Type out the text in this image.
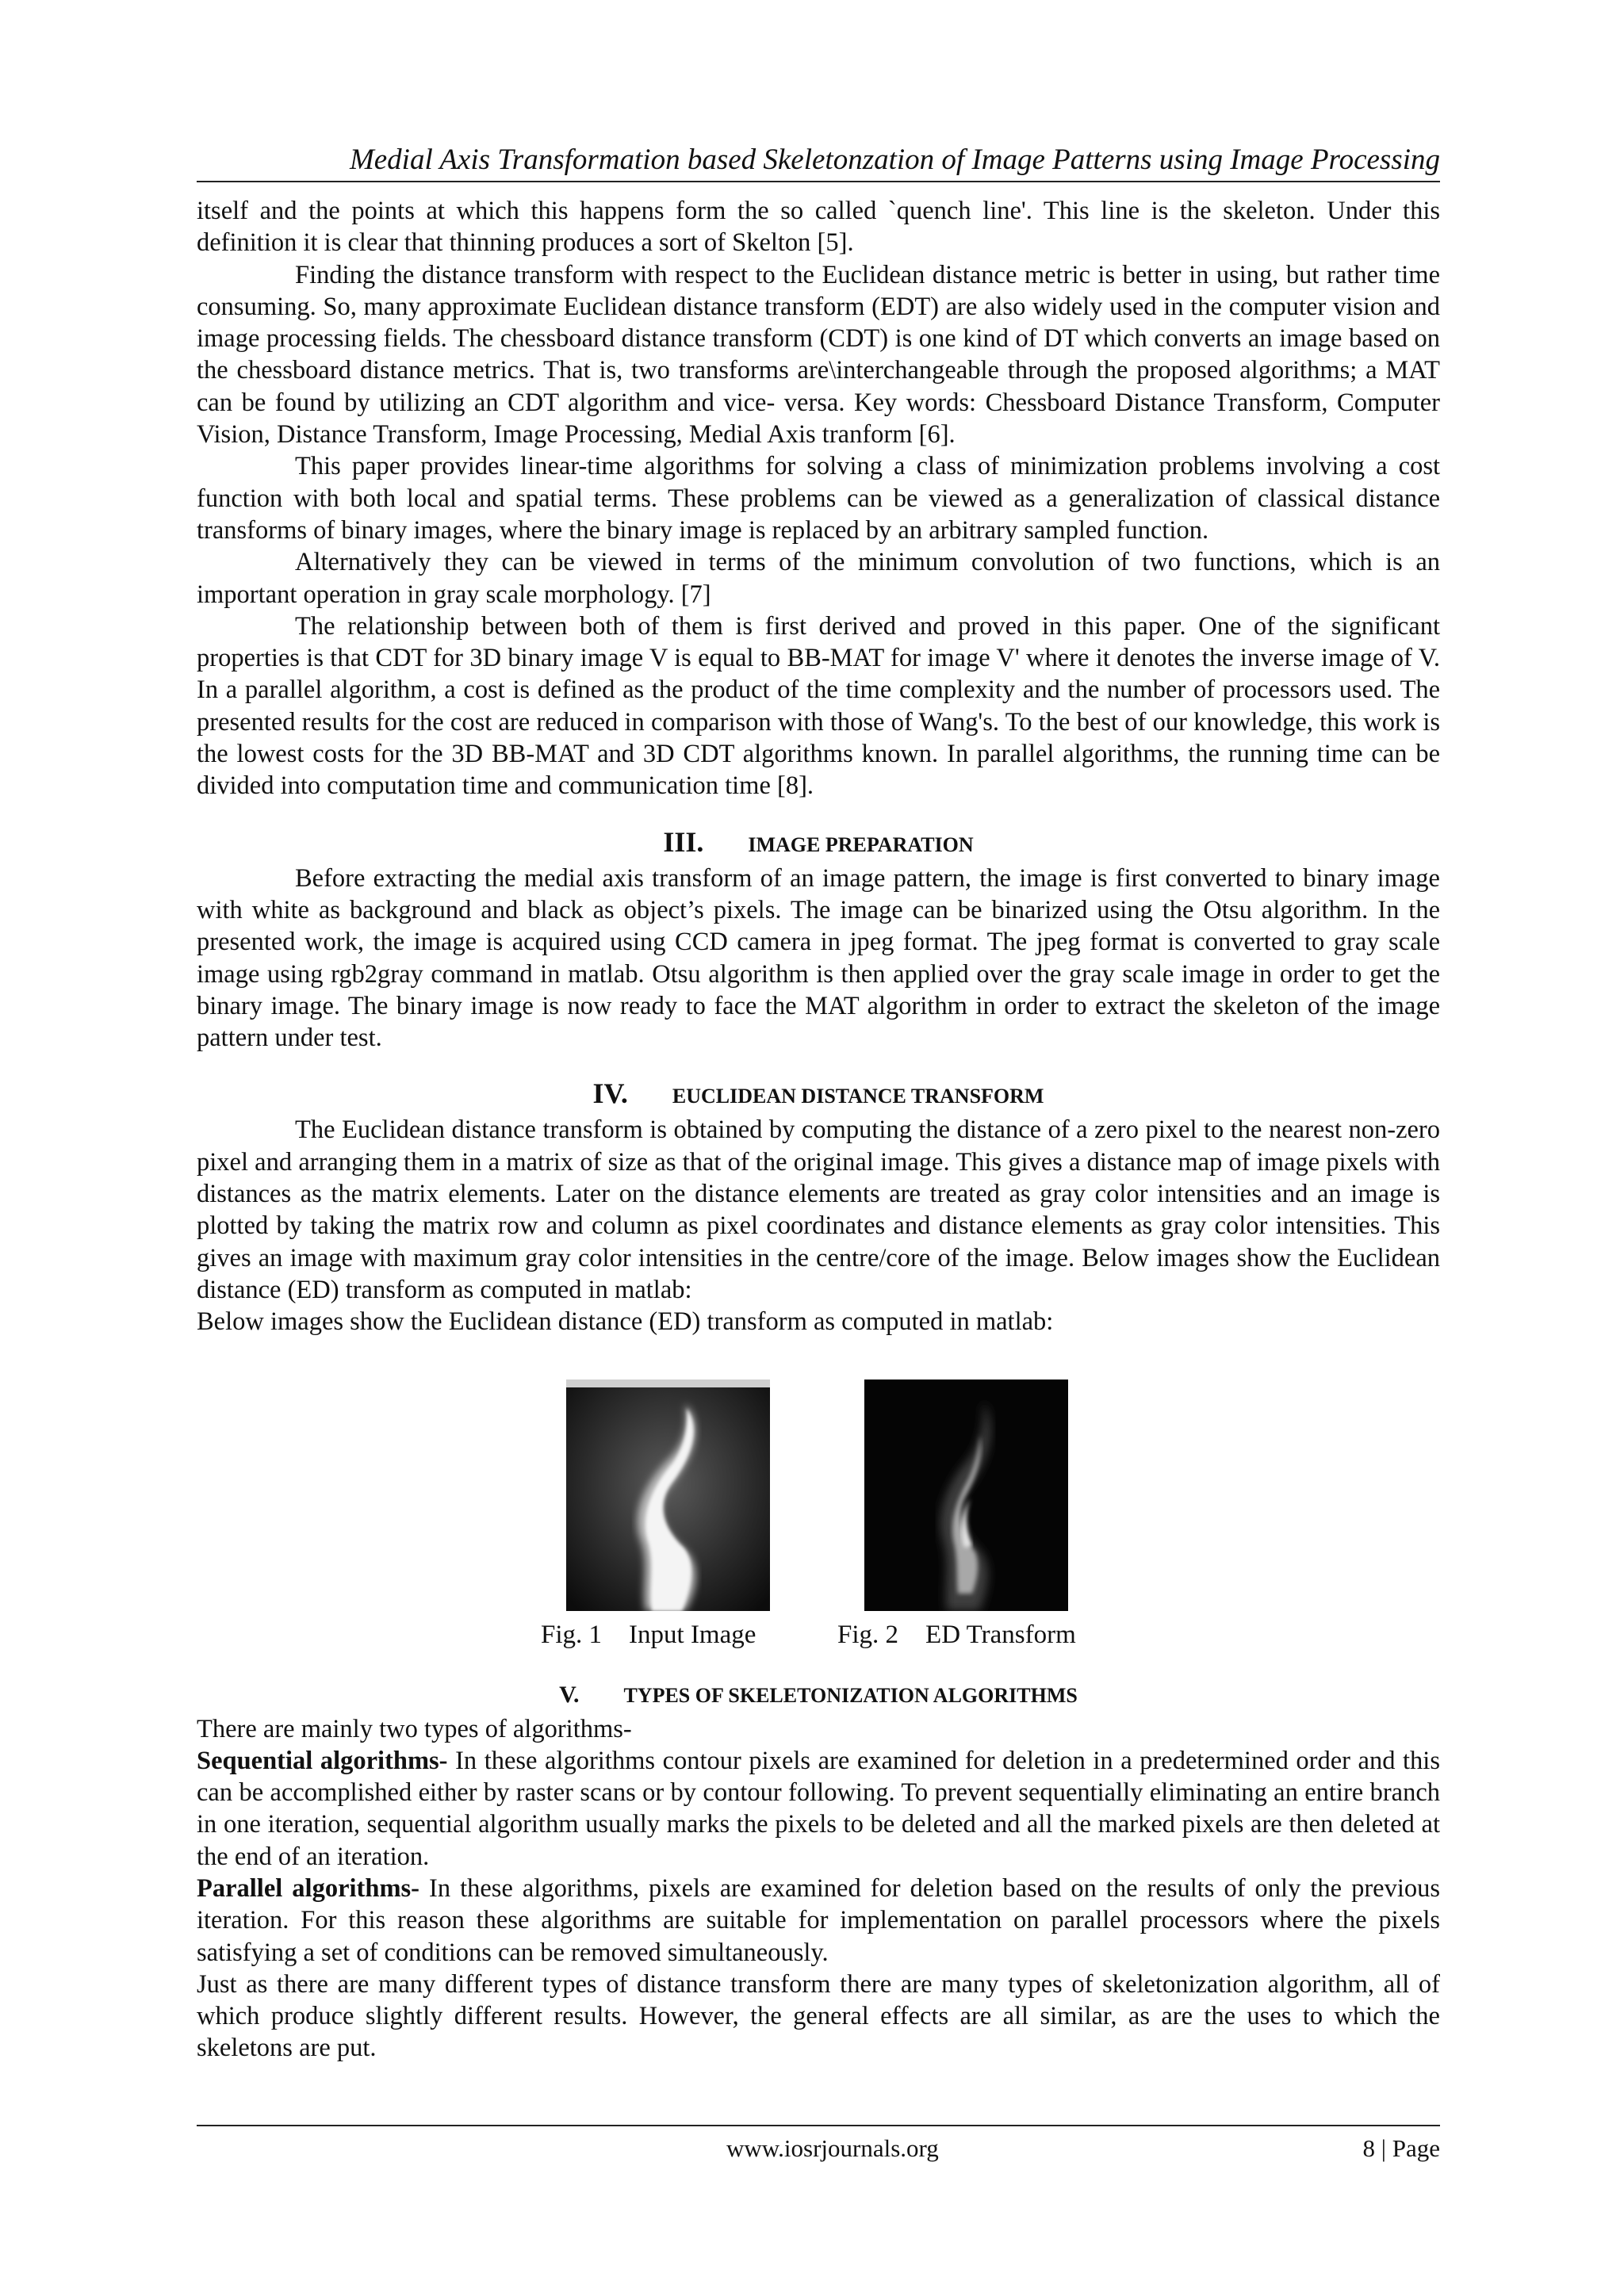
Medial Axis Transformation based Skeletonzation of Image Patterns using Image Processing

itself and the points at which this happens form the so called `quench line'. This line is the skeleton. Under this definition it is clear that thinning produces a sort of Skelton [5].

Finding the distance transform with respect to the Euclidean distance metric is better in using, but rather time consuming. So, many approximate Euclidean distance transform (EDT) are also widely used in the computer vision and image processing fields. The chessboard distance transform (CDT) is one kind of DT which converts an image based on the chessboard distance metrics. That is, two transforms are\interchangeable through the proposed algorithms; a MAT can be found by utilizing an CDT algorithm and vice- versa. Key words: Chessboard Distance Transform, Computer Vision, Distance Transform, Image Processing, Medial Axis tranform [6].

This paper provides linear-time algorithms for solving a class of minimization problems involving a cost function with both local and spatial terms. These problems can be viewed as a generalization of classical distance transforms of binary images, where the binary image is replaced by an arbitrary sampled function.

Alternatively they can be viewed in terms of the minimum convolution of two functions, which is an important operation in gray scale morphology. [7]

The relationship between both of them is first derived and proved in this paper. One of the significant properties is that CDT for 3D binary image V is equal to BB-MAT for image V' where it denotes the inverse image of V. In a parallel algorithm, a cost is defined as the product of the time complexity and the number of processors used. The presented results for the cost are reduced in comparison with those of Wang's. To the best of our knowledge, this work is the lowest costs for the 3D BB-MAT and 3D CDT algorithms known. In parallel algorithms, the running time can be divided into computation time and communication time [8].

III. IMAGE PREPARATION

Before extracting the medial axis transform of an image pattern, the image is first converted to binary image with white as background and black as object’s pixels. The image can be binarized using the Otsu algorithm. In the presented work, the image is acquired using CCD camera in jpeg format. The jpeg format is converted to gray scale image using rgb2gray command in matlab. Otsu algorithm is then applied over the gray scale image in order to get the binary image. The binary image is now ready to face the MAT algorithm in order to extract the skeleton of the image pattern under test.

IV. EUCLIDEAN DISTANCE TRANSFORM

The Euclidean distance transform is obtained by computing the distance of a zero pixel to the nearest non-zero pixel and arranging them in a matrix of size as that of the original image. This gives a distance map of image pixels with distances as the matrix elements. Later on the distance elements are treated as gray color intensities and an image is plotted by taking the matrix row and column as pixel coordinates and distance elements as gray color intensities. This gives an image with maximum gray color intensities in the centre/core of the image. Below images show the Euclidean distance (ED) transform as computed in matlab:

Below images show the Euclidean distance (ED) transform as computed in matlab:

Fig. 1 Input Image	Fig. 2 ED Transform
V. TYPES OF SKELETONIZATION ALGORITHMS

There are mainly two types of algorithms-

Sequential algorithms- In these algorithms contour pixels are examined for deletion in a predetermined order and this can be accomplished either by raster scans or by contour following. To prevent sequentially eliminating an entire branch in one iteration, sequential algorithm usually marks the pixels to be deleted and all the marked pixels are then deleted at the end of an iteration.

Parallel algorithms- In these algorithms, pixels are examined for deletion based on the results of only the previous iteration. For this reason these algorithms are suitable for implementation on parallel processors where the pixels satisfying a set of conditions can be removed simultaneously.

Just as there are many different types of distance transform there are many types of skeletonization algorithm, all of which produce slightly different results. However, the general effects are all similar, as are the uses to which the skeletons are put.

www.iosrjournals.org	8 | Page
